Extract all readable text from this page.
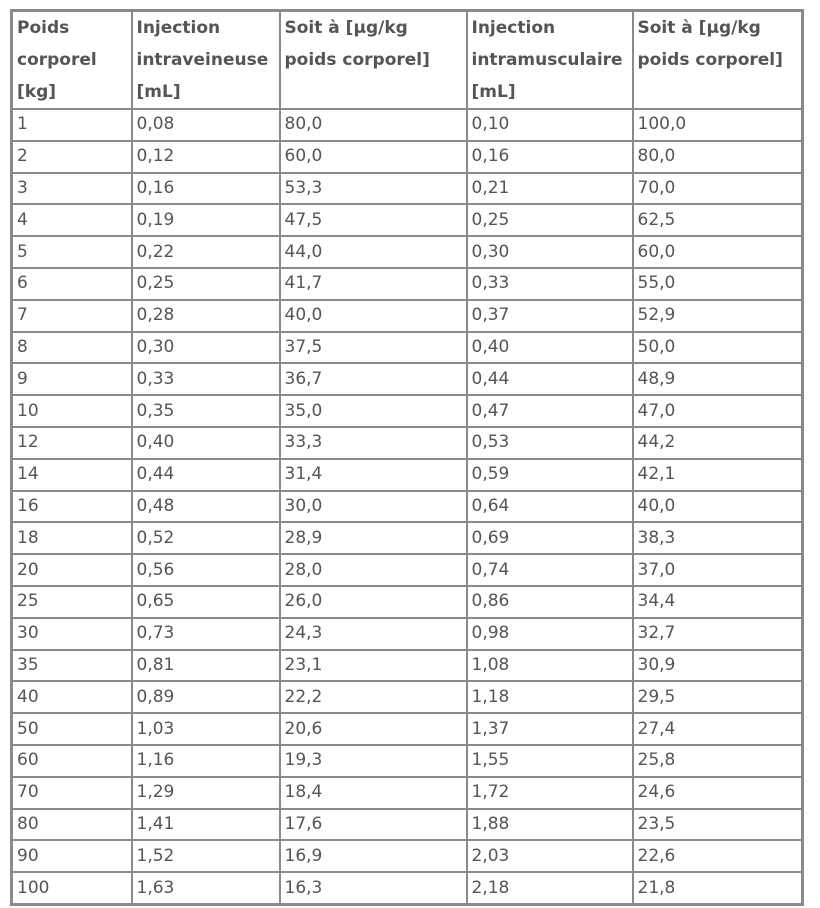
Poids corporel [kg]	Injection intraveineuse [mL]	Soit à [µg/kg poids corporel]	Injection intramusculaire [mL]	Soit à [µg/kg poids corporel]
1	0,08	80,0	0,10	100,0
2	0,12	60,0	0,16	80,0
3	0,16	53,3	0,21	70,0
4	0,19	47,5	0,25	62,5
5	0,22	44,0	0,30	60,0
6	0,25	41,7	0,33	55,0
7	0,28	40,0	0,37	52,9
8	0,30	37,5	0,40	50,0
9	0,33	36,7	0,44	48,9
10	0,35	35,0	0,47	47,0
12	0,40	33,3	0,53	44,2
14	0,44	31,4	0,59	42,1
16	0,48	30,0	0,64	40,0
18	0,52	28,9	0,69	38,3
20	0,56	28,0	0,74	37,0
25	0,65	26,0	0,86	34,4
30	0,73	24,3	0,98	32,7
35	0,81	23,1	1,08	30,9
40	0,89	22,2	1,18	29,5
50	1,03	20,6	1,37	27,4
60	1,16	19,3	1,55	25,8
70	1,29	18,4	1,72	24,6
80	1,41	17,6	1,88	23,5
90	1,52	16,9	2,03	22,6
100	1,63	16,3	2,18	21,8
